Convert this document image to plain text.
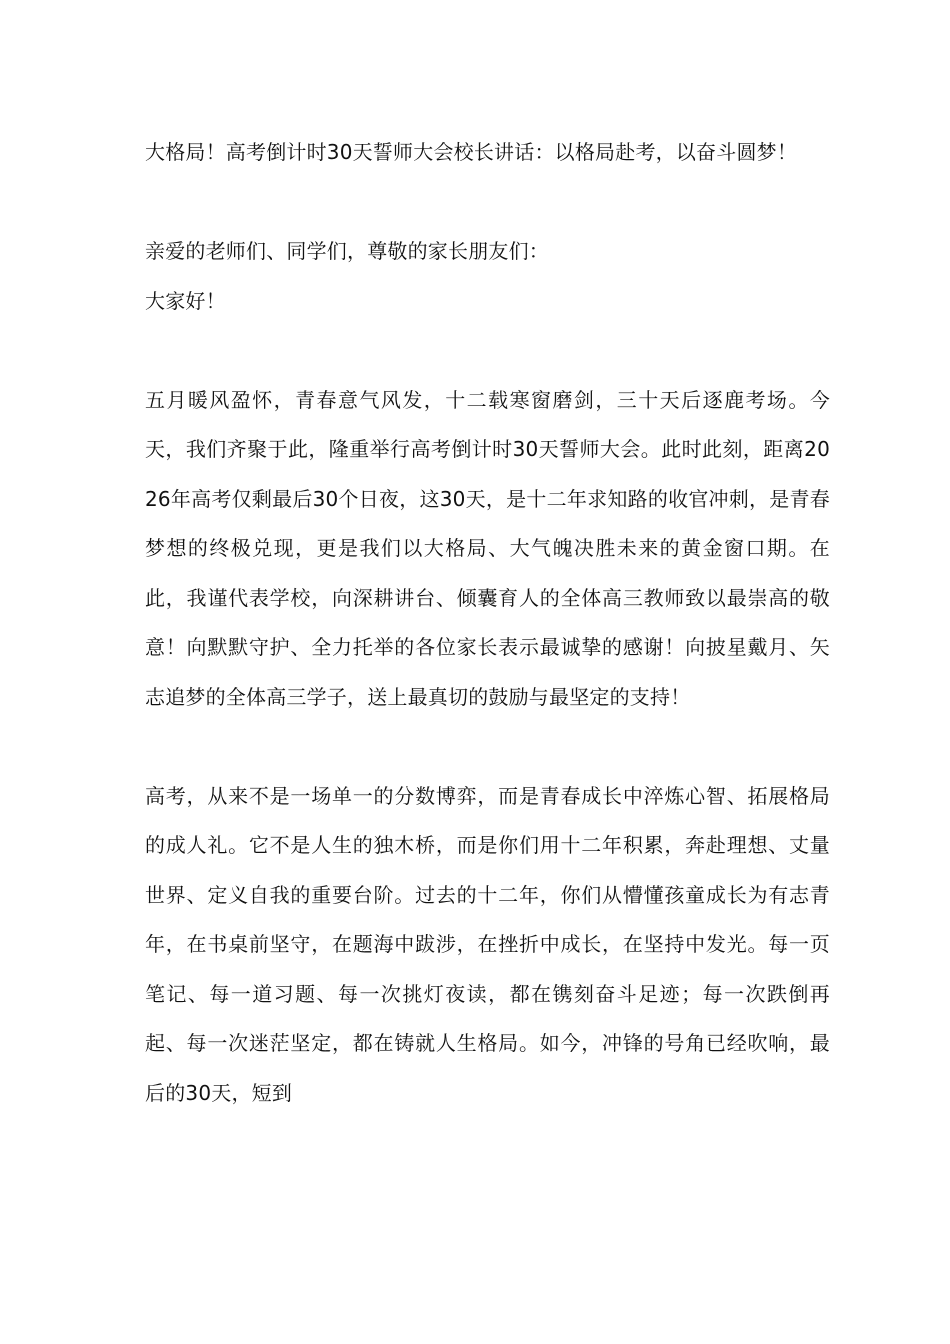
大格局！高考倒计时30天誓师大会校长讲话：以格局赴考，以奋斗圆梦！

亲爱的老师们、同学们，尊敬的家长朋友们：

大家好！

五月暖风盈怀，青春意气风发，十二载寒窗磨剑，三十天后逐鹿考场。今天，我们齐聚于此，隆重举行高考倒计时30天誓师大会。此时此刻，距离2026年高考仅剩最后30个日夜，这30天，是十二年求知路的收官冲刺，是青春梦想的终极兑现，更是我们以大格局、大气魄决胜未来的黄金窗口期。在此，我谨代表学校，向深耕讲台、倾囊育人的全体高三教师致以最崇高的敬意！向默默守护、全力托举的各位家长表示最诚挚的感谢！向披星戴月、矢志追梦的全体高三学子，送上最真切的鼓励与最坚定的支持！

高考，从来不是一场单一的分数博弈，而是青春成长中淬炼心智、拓展格局的成人礼。它不是人生的独木桥，而是你们用十二年积累，奔赴理想、丈量世界、定义自我的重要台阶。过去的十二年，你们从懵懂孩童成长为有志青年，在书桌前坚守，在题海中跋涉，在挫折中成长，在坚持中发光。每一页笔记、每一道习题、每一次挑灯夜读，都在镌刻奋斗足迹；每一次跌倒再起、每一次迷茫坚定，都在铸就人生格局。如今，冲锋的号角已经吹响，最后的30天，短到
